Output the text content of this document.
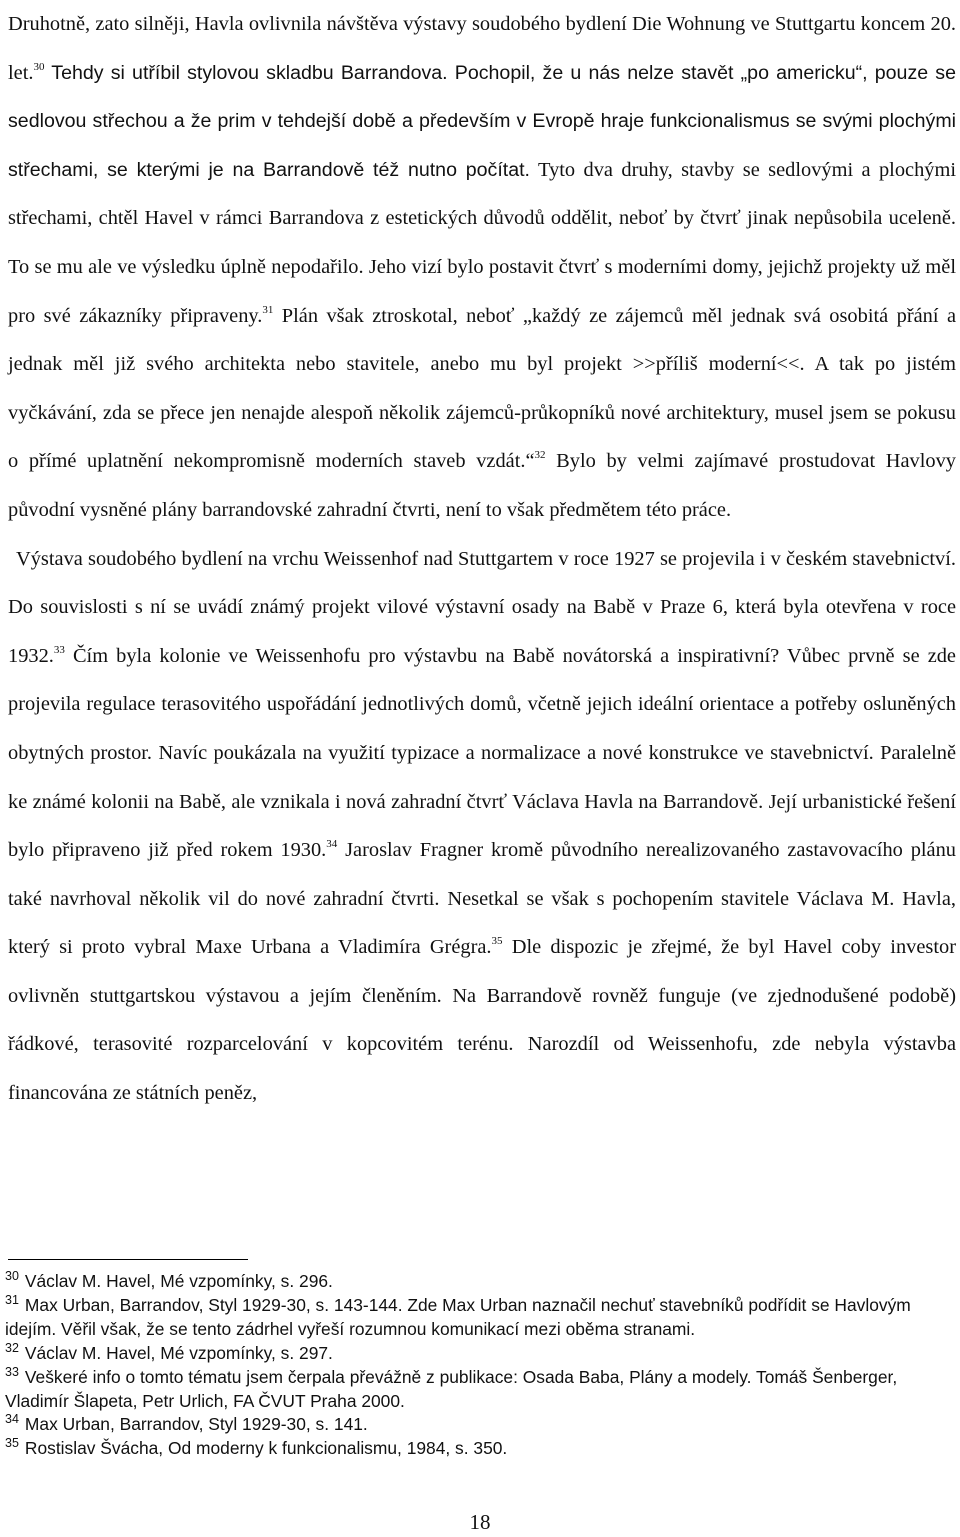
Druhotně, zato silněji, Havla ovlivnila návštěva výstavy soudobého bydlení Die Wohnung ve Stuttgartu koncem 20. let.$^{30}$ Tehdy si utříbil stylovou skladbu Barrandova. Pochopil, že u nás nelze stavět „po americku“, pouze se sedlovou střechou a že prim v tehdejší době a především v Evropě hraje funkcionalismus se svými plochými střechami, se kterými je na Barrandově též nutno počítat. Tyto dva druhy, stavby se sedlovými a plochými střechami, chtěl Havel v rámci Barrandova z estetických důvodů oddělit, neboť by čtvrť jinak nepůsobila uceleně. To se mu ale ve výsledku úplně nepodařilo. Jeho vizí bylo postavit čtvrť s moderními domy, jejichž projekty už měl pro své zákazníky připraveny.$^{31}$ Plán však ztroskotal, neboť „každý ze zájemců měl jednak svá osobitá přání a jednak měl již svého architekta nebo stavitele, anebo mu byl projekt >>příliš moderní<<. A tak po jistém vyčkávání, zda se přece jen nenajde alespoň několik zájemců-průkopníků nové architektury, musel jsem se pokusu o přímé uplatnění nekompromisně moderních staveb vzdát.“$^{32}$ Bylo by velmi zajímavé prostudovat Havlovy původní vysněné plány barrandovské zahradní čtvrti, není to však předmětem této práce.

Výstava soudobého bydlení na vrchu Weissenhof nad Stuttgartem v roce 1927 se projevila i v českém stavebnictví. Do souvislosti s ní se uvádí známý projekt vilové výstavní osady na Babě v Praze 6, která byla otevřena v roce 1932.33 Čím byla kolonie ve Weissenhofu pro výstavbu na Babě novátorská a inspirativní? Vůbec prvně se zde projevila regulace terasovitého uspořádání jednotlivých domů, včetně jejich ideální orientace a potřeby osluněných obytných prostor. Navíc poukázala na využití typizace a normalizace a nové konstrukce ve stavebnictví. Paralelně ke známé kolonii na Babě, ale vznikala i nová zahradní čtvrť Václava Havla na Barrandově. Její urbanistické řešení bylo připraveno již před rokem 1930.34 Jaroslav Fragner kromě původního nerealizovaného zastavovacího plánu také navrhoval několik vil do nové zahradní čtvrti. Nesetkal se však s pochopením stavitele Václava M. Havla, který si proto vybral Maxe Urbana a Vladimíra Grégra.$^{35}$ Dle dispozic je zřejmé, že byl Havel coby investor ovlivněn stuttgartskou výstavou a jejím členěním. Na Barrandově rovněž funguje (ve zjednodušené podobě) řádkové, terasovité rozparcelování v kopcovitém terénu. Narozdíl od Weissenhofu, zde nebyla výstavba financována ze státních peněz,

$^{30}$ Václav M. Havel, Mé vzpomínky, s. 296.

$^{31}$ Max Urban, Barrandov, Styl 1929-30, s. 143-144. Zde Max Urban naznačil nechuť stavebníků podřídit se Havlovým idejím. Věřil však, že se tento zádrhel vyřeší rozumnou komunikací mezi oběma stranami.

$^{32}$ Václav M. Havel, Mé vzpomínky, s. 297.

$^{33}$ Veškeré info o tomto tématu jsem čerpala převážně z publikace: Osada Baba, Plány a modely. Tomáš Šenberger, Vladimír Šlapeta, Petr Urlich, FA ČVUT Praha 2000.

$^{34}$ Max Urban, Barrandov, Styl 1929-30, s. 141.

$^{35}$ Rostislav Švácha, Od moderny k funkcionalismu, 1984, s. 350.

18
